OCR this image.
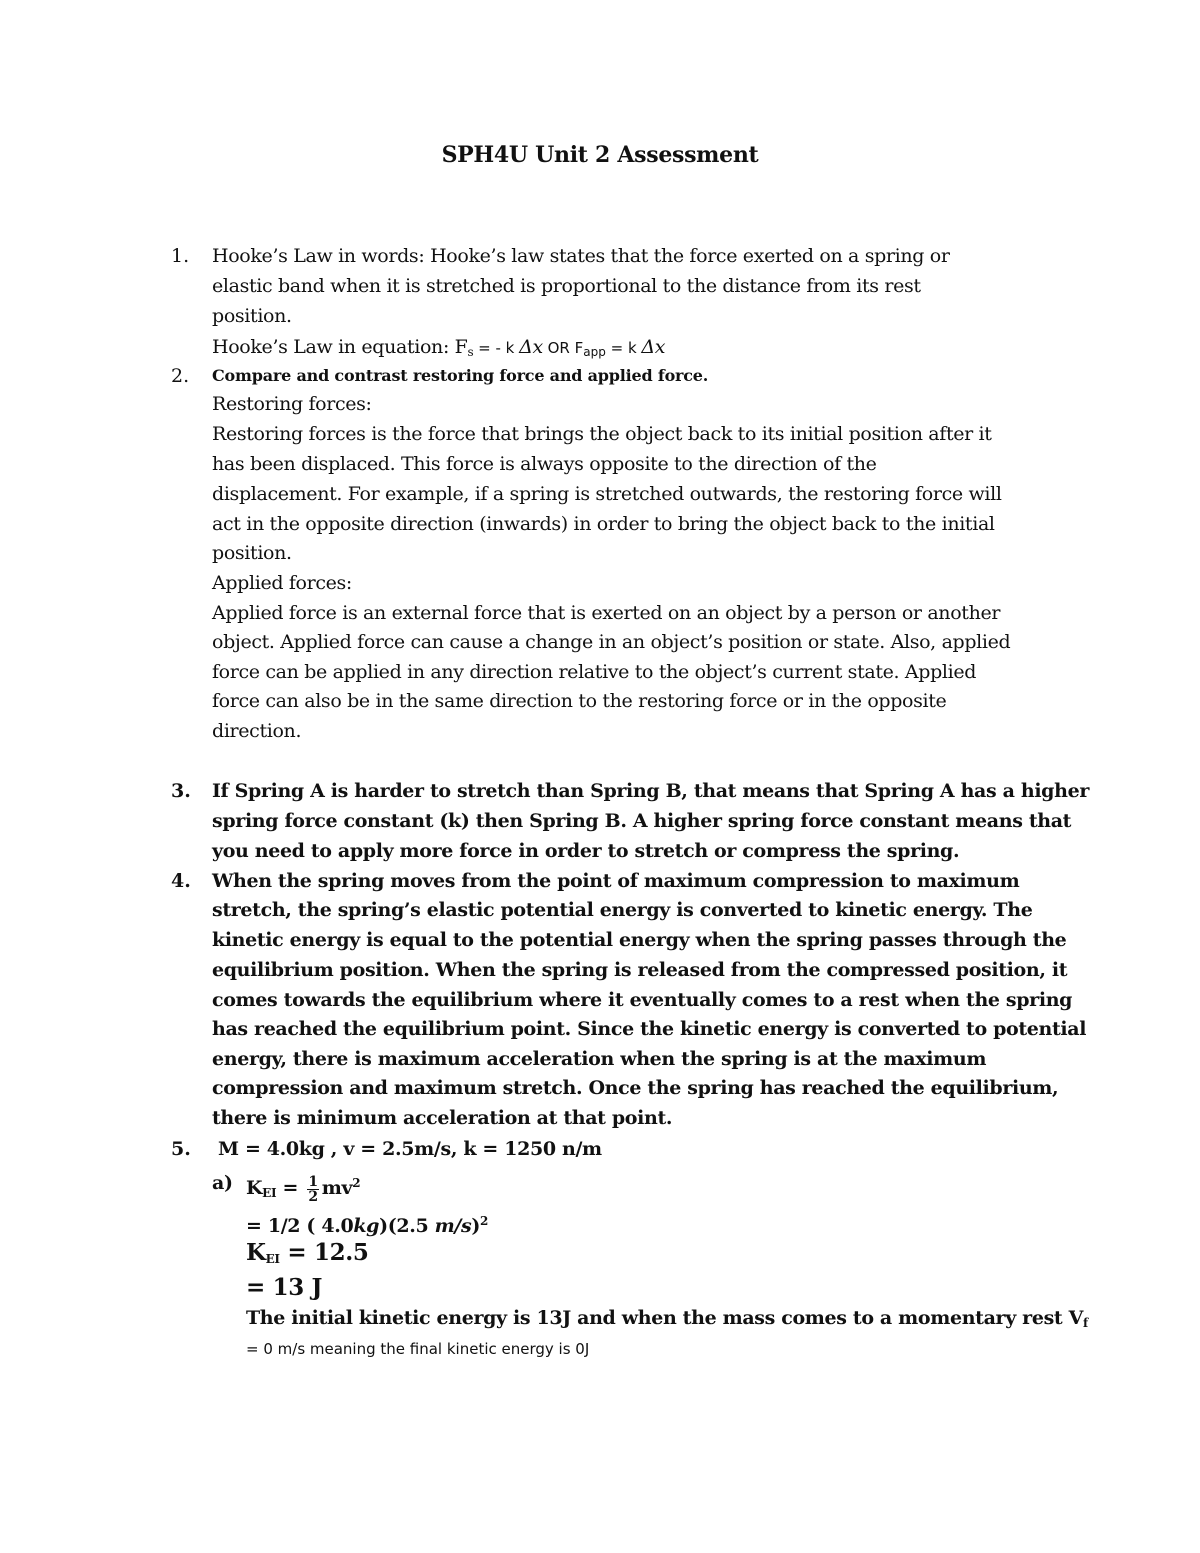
SPH4U Unit 2 Assessment
1. Hooke’s Law in words: Hooke’s law states that the force exerted on a spring or
elastic band when it is stretched is proportional to the distance from its rest
position.
Hooke’s Law in equation: $F_s$ = - k Δx OR $F_{app} = k$ Δx
2. Compare and contrast restoring force and applied force.
Restoring forces:
Restoring forces is the force that brings the object back to its initial position after it
has been displaced. This force is always opposite to the direction of the
displacement. For example, if a spring is stretched outwards, the restoring force will
act in the opposite direction (inwards) in order to bring the object back to the initial
position.
Applied forces:
Applied force is an external force that is exerted on an object by a person or another
object. Applied force can cause a change in an object’s position or state. Also, applied
force can be applied in any direction relative to the object’s current state. Applied
force can also be in the same direction to the restoring force or in the opposite
direction.
3. If Spring A is harder to stretch than Spring B, that means that Spring A has a higher
spring force constant (k) then Spring B. A higher spring force constant means that
you need to apply more force in order to stretch or compress the spring.
4. When the spring moves from the point of maximum compression to maximum
stretch, the spring’s elastic potential energy is converted to kinetic energy. The
kinetic energy is equal to the potential energy when the spring passes through the
equilibrium position. When the spring is released from the compressed position, it
comes towards the equilibrium where it eventually comes to a rest when the spring
has reached the equilibrium point. Since the kinetic energy is converted to potential
energy, there is maximum acceleration when the spring is at the maximum
compression and maximum stretch. Once the spring has reached the equilibrium,
there is minimum acceleration at that point.
5. M = 4.0kg , v = 2.5m/s, k = 1250 n/m
a) $K_{EI} = \frac{1}{2} mv^2$
= 1/2 ( 4.0kg)(2.5 m/s)$^2$
$K_{EI} = 12.5$
= 13 J
The initial kinetic energy is 13J and when the mass comes to a momentary rest $V_f$
= 0 m/s meaning the final kinetic energy is 0J
